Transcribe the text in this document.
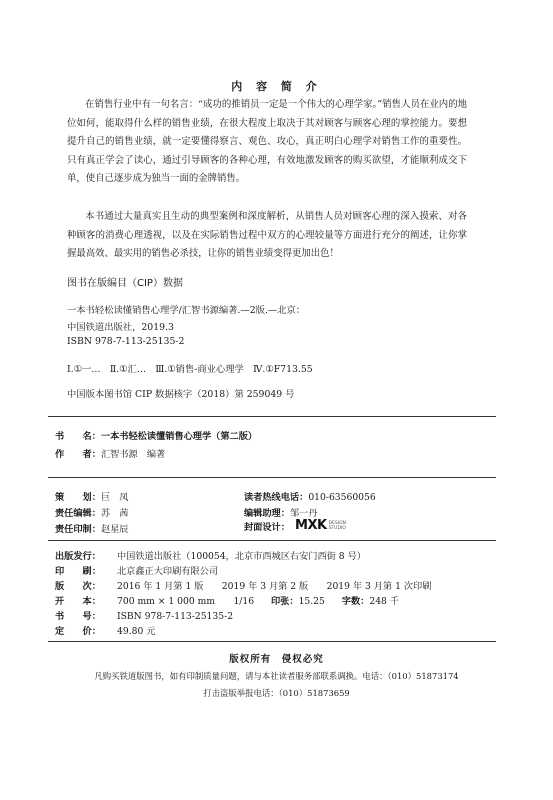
内 容 简 介
在销售行业中有一句名言：“成功的推销员一定是一个伟大的心理学家。”销售人员在业内的地位如何，能取得什么样的销售业绩，在很大程度上取决于其对顾客与顾客心理的掌控能力。要想提升自己的销售业绩，就一定要懂得察言、观色、攻心，真正明白心理学对销售工作的重要性。只有真正学会了读心，通过引导顾客的各种心理，有效地激发顾客的购买欲望，才能顺利成交下单，使自己逐步成为独当一面的金牌销售。
本书通过大量真实且生动的典型案例和深度解析，从销售人员对顾客心理的深入摸索、对各种顾客的消费心理透视，以及在实际销售过程中双方的心理较量等方面进行充分的阐述，让你掌握最高效、最实用的销售必杀技，让你的销售业绩变得更加出色！
图书在版编目（CIP）数据
一本书轻松读懂销售心理学/汇智书源编著.—2版.—北京：
中国铁道出版社，2019.3
ISBN 978-7-113-25135-2
Ⅰ.①一…　Ⅱ.①汇…　Ⅲ.①销售-商业心理学　Ⅳ.①F713.55
中国版本图书馆 CIP 数据核字（2018）第 259049 号
书　　名：一本书轻松读懂销售心理学（第二版）
作　　者：汇智书源　编著
策　　划：巨　凤	读者热线电话：010-63560056
责任编辑：苏　茜	编辑助理：邹一丹
责任印制：赵星辰	封面设计： MXK DESIGN
STUDIO
出版发行： 中国铁道出版社（100054，北京市西城区右安门西街 8 号）
印　　刷： 北京鑫正大印刷有限公司
版　　次： 2016 年 1 月第 1 版　　2019 年 3 月第 2 版　　2019 年 3 月第 1 次印刷
开　　本： 700 mm × 1 000 mm　　1/16 印张：15.25 字数：248 千
书　　号： ISBN 978-7-113-25135-2
定　　价： 49.80 元
版权所有　侵权必究
凡购买铁道版图书，如有印制质量问题，请与本社读者服务部联系调换。电话：（010）51873174
打击盗版举报电话：（010）51873659
